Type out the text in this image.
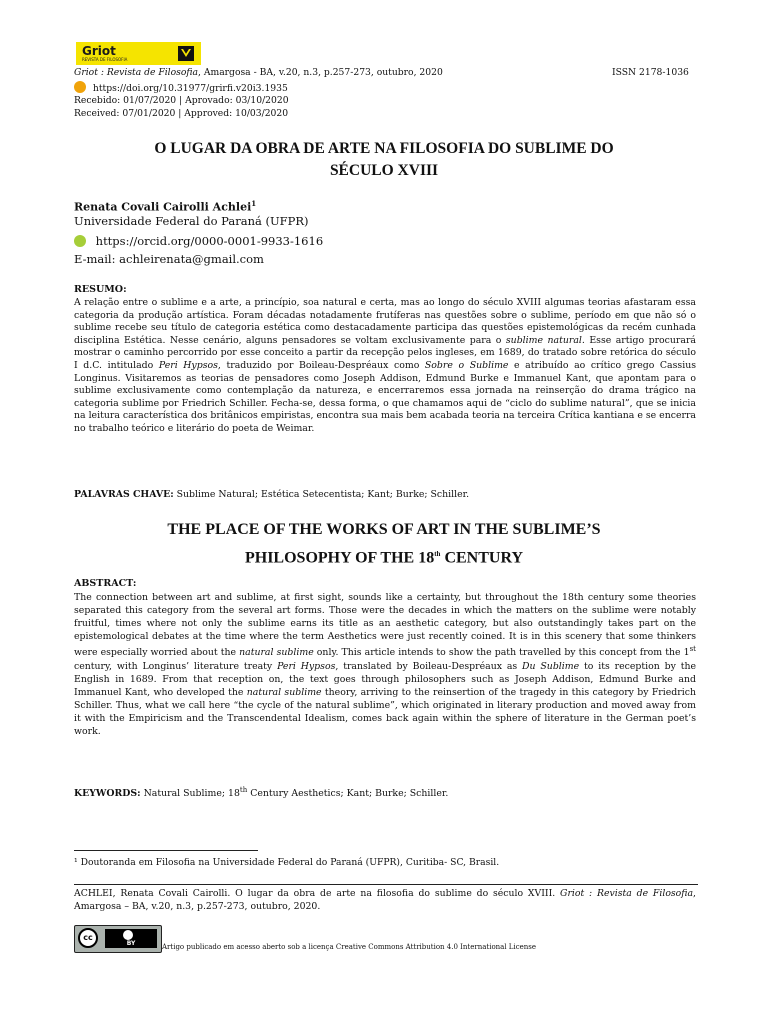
Griot
REVISTA DE FILOSOFIA
Griot : Revista de Filosofia, Amargosa - BA, v.20, n.3, p.257-273, outubro, 2020	ISSN 2178-1036
https://doi.org/10.31977/grirfi.v20i3.1935
Recebido: 01/07/2020 | Aprovado: 03/10/2020
Received: 07/01/2020 | Approved: 10/03/2020
O LUGAR DA OBRA DE ARTE NA FILOSOFIA DO SUBLIME DO
SÉCULO XVIII
Renata Covali Cairolli Achlei$^1$
Universidade Federal do Paraná (UFPR)
https://orcid.org/0000-0001-9933-1616
E-mail: achleirenata@gmail.com
RESUMO:
A relação entre o sublime e a arte, a princípio, soa natural e certa, mas ao longo do século XVIII algumas teorias afastaram essa categoria da produção artística. Foram décadas notadamente frutíferas nas questões sobre o sublime, período em que não só o sublime recebe seu título de categoria estética como destacadamente participa das questões epistemológicas da recém cunhada disciplina Estética. Nesse cenário, alguns pensadores se voltam exclusivamente para o sublime natural. Esse artigo procurará mostrar o caminho percorrido por esse conceito a partir da recepção pelos ingleses, em 1689, do tratado sobre retórica do século I d.C. intitulado Peri Hypsos, traduzido por Boileau-Despréaux como Sobre o Sublime e atribuído ao crítico grego Cassius Longinus. Visitaremos as teorias de pensadores como Joseph Addison, Edmund Burke e Immanuel Kant, que apontam para o sublime exclusivamente como contemplação da natureza, e encerraremos essa jornada na reinserção do drama trágico na categoria sublime por Friedrich Schiller. Fecha-se, dessa forma, o que chamamos aqui de “ciclo do sublime natural”, que se inicia na leitura característica dos britânicos empiristas, encontra sua mais bem acabada teoria na terceira Crítica kantiana e se encerra no trabalho teórico e literário do poeta de Weimar.
PALAVRAS CHAVE: Sublime Natural; Estética Setecentista; Kant; Burke; Schiller.
THE PLACE OF THE WORKS OF ART IN THE SUBLIME’S
PHILOSOPHY OF THE 18th CENTURY
ABSTRACT:
The connection between art and sublime, at first sight, sounds like a certainty, but throughout the 18th century some theories separated this category from the several art forms. Those were the decades in which the matters on the sublime were notably fruitful, times where not only the sublime earns its title as an aesthetic category, but also outstandingly takes part on the epistemological debates at the time where the term Aesthetics were just recently coined. It is in this scenery that some thinkers were especially worried about the natural sublime only. This article intends to show the path travelled by this concept from the 1st century, with Longinus’ literature treaty Peri Hypsos, translated by Boileau-Despréaux as Du Sublime to its reception by the English in 1689. From that reception on, the text goes through philosophers such as Joseph Addison, Edmund Burke and Immanuel Kant, who developed the natural sublime theory, arriving to the reinsertion of the tragedy in this category by Friedrich Schiller. Thus, what we call here “the cycle of the natural sublime”, which originated in literary production and moved away from it with the Empiricism and the Transcendental Idealism, comes back again within the sphere of literature in the German poet’s work.
KEYWORDS: Natural Sublime; 18th Century Aesthetics; Kant; Burke; Schiller.
¹ Doutoranda em Filosofia na Universidade Federal do Paraná (UFPR), Curitiba- SC, Brasil.
ACHLEI, Renata Covali Cairolli. O lugar da obra de arte na filosofia do sublime do século XVIII. Griot : Revista de Filosofia, Amargosa – BA, v.20, n.3, p.257-273, outubro, 2020.
cc
BY	Artigo publicado em acesso aberto sob a licença Creative Commons Attribution 4.0 International License
